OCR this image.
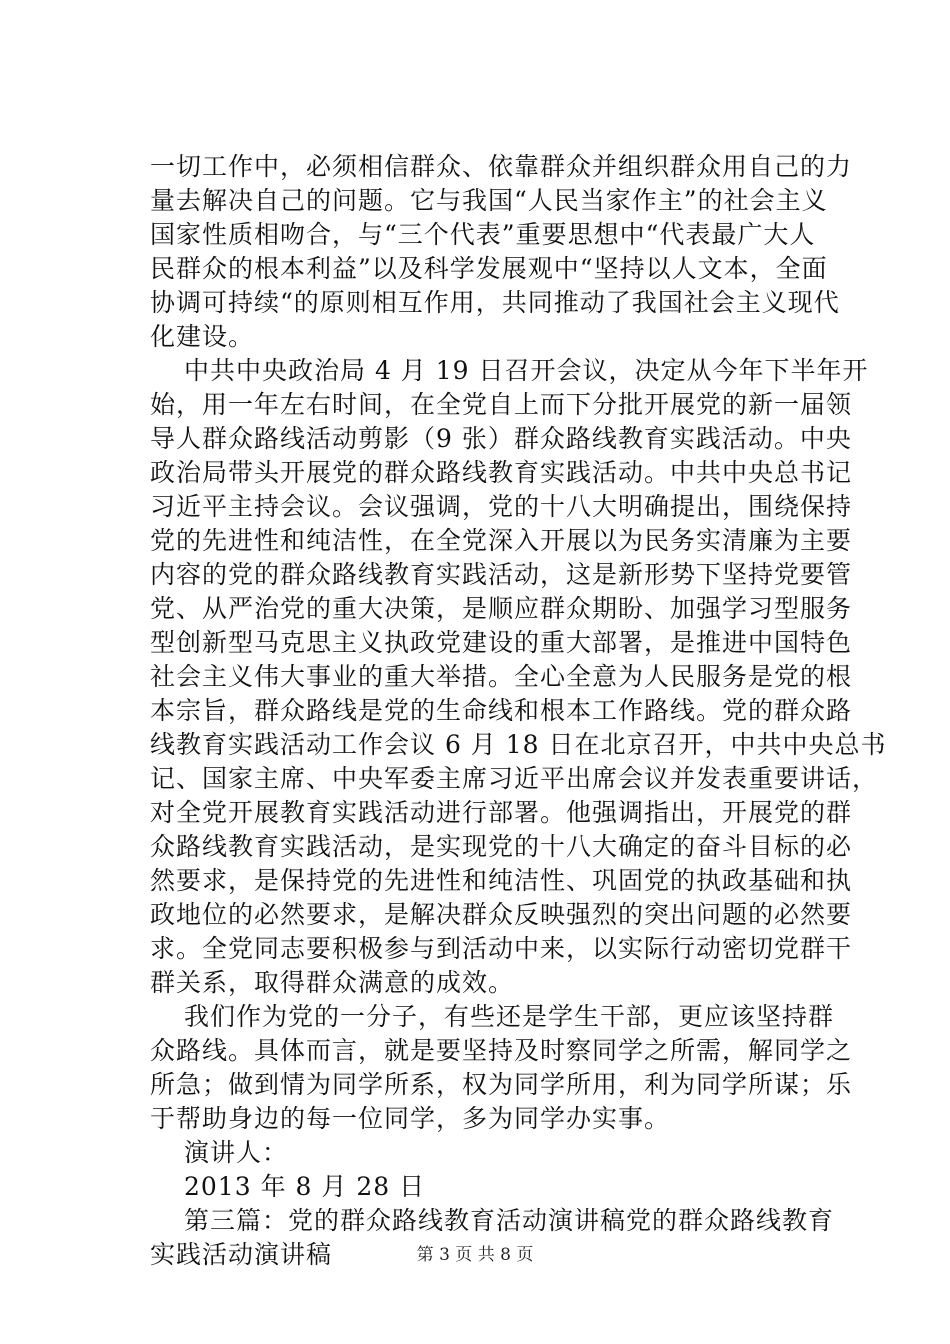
一切工作中，必须相信群众、依靠群众并组织群众用自己的力
量去解决自己的问题。它与我国“人民当家作主”的社会主义
国家性质相吻合，与“三个代表”重要思想中“代表最广大人
民群众的根本利益”以及科学发展观中“坚持以人文本，全面
协调可持续“的原则相互作用，共同推动了我国社会主义现代
化建设。
中共中央政治局 4 月 19 日召开会议，决定从今年下半年开
始，用一年左右时间，在全党自上而下分批开展党的新一届领
导人群众路线活动剪影（9 张）群众路线教育实践活动。中央
政治局带头开展党的群众路线教育实践活动。中共中央总书记
习近平主持会议。会议强调，党的十八大明确提出，围绕保持
党的先进性和纯洁性，在全党深入开展以为民务实清廉为主要
内容的党的群众路线教育实践活动，这是新形势下坚持党要管
党、从严治党的重大决策，是顺应群众期盼、加强学习型服务
型创新型马克思主义执政党建设的重大部署，是推进中国特色
社会主义伟大事业的重大举措。全心全意为人民服务是党的根
本宗旨，群众路线是党的生命线和根本工作路线。党的群众路
线教育实践活动工作会议 6 月 18 日在北京召开，中共中央总书
记、国家主席、中央军委主席习近平出席会议并发表重要讲话，
对全党开展教育实践活动进行部署。他强调指出，开展党的群
众路线教育实践活动，是实现党的十八大确定的奋斗目标的必
然要求，是保持党的先进性和纯洁性、巩固党的执政基础和执
政地位的必然要求，是解决群众反映强烈的突出问题的必然要
求。全党同志要积极参与到活动中来，以实际行动密切党群干
群关系，取得群众满意的成效。
我们作为党的一分子，有些还是学生干部，更应该坚持群
众路线。具体而言，就是要坚持及时察同学之所需，解同学之
所急；做到情为同学所系，权为同学所用，利为同学所谋；乐
于帮助身边的每一位同学，多为同学办实事。
演讲人：
2013 年 8 月 28 日
第三篇：党的群众路线教育活动演讲稿党的群众路线教育
实践活动演讲稿	第 3 页 共 8 页
